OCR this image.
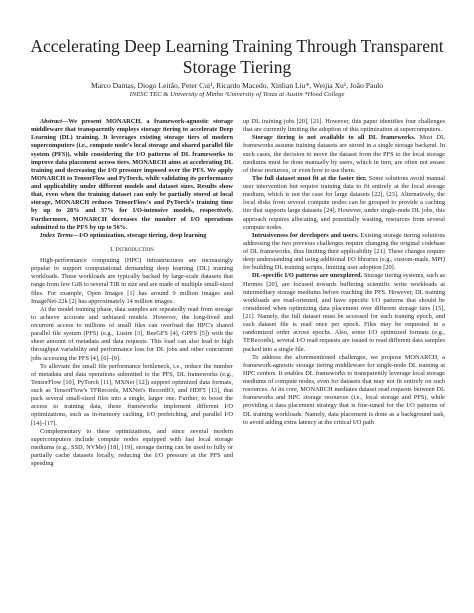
Accelerating Deep Learning Training Through Transparent Storage Tiering
Marco Dantas, Diogo Leitão, Peter Cui¹, Ricardo Macedo, Xinlian Liu*, Weijia Xu¹, João Paulo
INESC TEC & University of Minho ¹University of Texas at Austin *Hood College

Abstract—We present MONARCH, a framework-agnostic storage middleware that transparently employs storage tiering to accelerate Deep Learning (DL) training. It leverages existing storage tiers of modern supercomputers (i.e., compute node's local storage and shared parallel file system (PFS)), while considering the I/O patterns of DL frameworks to improve data placement across tiers. MONARCH aims at accelerating DL training and decreasing the I/O pressure imposed over the PFS. We apply MONARCH to TensorFlow and PyTorch, while validating its performance and applicability under different models and dataset sizes. Results show that, even when the training dataset can only be partially stored at local storage, MONARCH reduces TensorFlow's and PyTorch's training time by up to 28% and 37% for I/O-intensive models, respectively. Furthermore, MONARCH decreases the number of I/O operations submitted to the PFS by up to 56%.

Index Terms—I/O optimization, storage tiering, deep learning

I. Introduction

High-performance computing (HPC) infrastructures are increasingly popular to support computational demanding deep learning (DL) training workloads. These workloads are typically backed by large-scale datasets that range from few GiB to several TiB in size and are made of multiple small-sized files. For example, Open Images [1] has around 9 million images and ImageNet-22k [2] has approximately 14 million images.

At the model training phase, data samples are repeatedly read from storage to achieve accurate and unbiased models. However, the long-lived and recurrent access to millions of small files can overload the HPC's shared parallel file system (PFS) (e.g., Lustre [3], BeeGFS [4], GPFS [5]) with the sheer amount of metadata and data requests. This load can also lead to high throughput variability and performance loss for DL jobs and other concurrent jobs accessing the PFS [4], [6]–[9].

To alleviate the small file performance bottleneck, i.e., reduce the number of metadata and data operations submitted to the PFS, DL frameworks (e.g., TensorFlow [10], PyTorch [11], MXNet [12]) support optimized data formats, such as TensorFlow's TFRecords, MXNet's RecordIO, and HDF5 [13], that pack several small-sized files into a single, larger one. Further, to boost the access to training data, these frameworks implement different I/O optimizations, such as in-memory caching, I/O prefetching, and parallel I/O [14]–[17].

Complementary to these optimizations, and since several modern supercomputers include compute nodes equipped with fast local storage mediums (e.g., SSD, NVMe) [18], [19], storage tiering can be used to fully or partially cache datasets locally, reducing the I/O pressure at the PFS and speeding

up DL training jobs [20], [21]. However, this paper identifies four challenges that are currently limiting the adoption of this optimization at supercomputers.

Storage tiering is not available to all DL frameworks. Most DL frameworks assume training datasets are stored in a single storage backend. In such cases, the decision to move the dataset from the PFS to the local storage mediums must be done manually by users, which in turn, are often not aware of these resources, or even how to use them.

The full dataset must fit at the faster tier. Some solutions avoid manual user intervention but require training data to fit entirely at the local storage medium, which is not the case for large datasets [22], [23]. Alternatively, the local disks from several compute nodes can be grouped to provide a caching tier that supports large datasets [24]. However, under single-node DL jobs, this approach requires allocating, and potentially wasting, resources from several compute nodes.

Intrusiveness for developers and users. Existing storage tiering solutions addressing the two previous challenges require changing the original codebase of DL frameworks, thus limiting their applicability [21]. These changes require deep understanding and using additional I/O libraries (e.g., custom-made, MPI) for building DL training scripts, limiting user adoption [20].

DL-specific I/O patterns are unexplored. Storage tiering systems, such as Hermes [20], are focused towards buffering scientific write workloads at intermediary storage mediums before reaching the PFS. However, DL training workloads are read-oriented, and have specific I/O patterns that should be considered when optimizing data placement over different storage tiers [15], [21]. Namely, the full dataset must be accessed for each training epoch, and each dataset file is read once per epoch. Files may be requested in a randomized order across epochs. Also, some I/O optimized formats (e.g., TFRecords), several I/O read requests are issued to read different data samples packed into a single file.

To address the aforementioned challenges, we propose MONARCH, a framework-agnostic storage tiering middleware for single-node DL training at HPC centers. It enables DL frameworks to transparently leverage local storage mediums of compute nodes, even for datasets that may not fit entirely on such resources. At its core, MONARCH mediates dataset read requests between DL frameworks and HPC storage resources (i.e., local storage and PFS), while providing a data placement strategy that is fine-tuned for the I/O patterns of DL training workloads. Namely, data placement is done as a background task, to avoid adding extra latency at the critical I/O path
